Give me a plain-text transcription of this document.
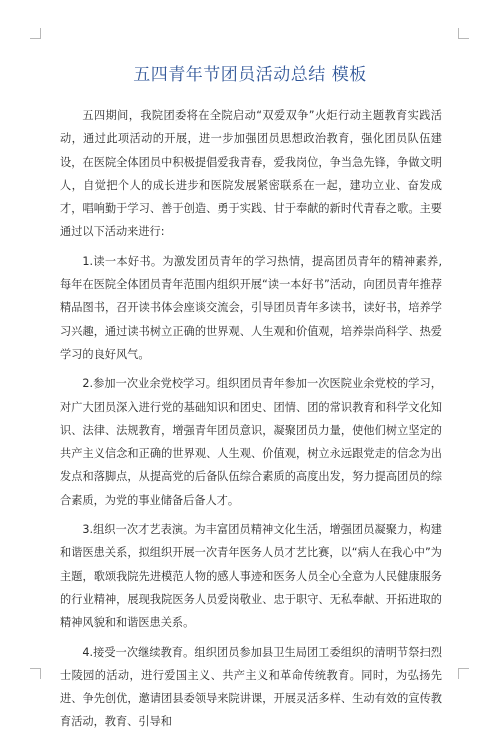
五四青年节团员活动总结 模板

五四期间，我院团委将在全院启动“双爱双争”火炬行动主题教育实践活动，通过此项活动的开展，进一步加强团员思想政治教育，强化团员队伍建设，在医院全体团员中积极提倡爱我青春，爱我岗位，争当急先锋，争做文明人，自觉把个人的成长进步和医院发展紧密联系在一起，建功立业、奋发成才，唱响勤于学习、善于创造、勇于实践、甘于奉献的新时代青春之歌。主要通过以下活动来进行:

1.读一本好书。为激发团员青年的学习热情，提高团员青年的精神素养,每年在医院全体团员青年范围内组织开展“读一本好书”活动，向团员青年推荐精品图书，召开读书体会座谈交流会，引导团员青年多读书，读好书，培养学习兴趣，通过读书树立正确的世界观、人生观和价值观，培养崇尚科学、热爱学习的良好风气。

2.参加一次业余党校学习。组织团员青年参加一次医院业余党校的学习，对广大团员深入进行党的基础知识和团史、团情、团的常识教育和科学文化知识、法律、法规教育，增强青年团员意识，凝聚团员力量，使他们树立坚定的共产主义信念和正确的世界观、人生观、价值观，树立永远跟党走的信念为出发点和落脚点，从提高党的后备队伍综合素质的高度出发，努力提高团员的综合素质，为党的事业储备后备人才。

3.组织一次才艺表演。为丰富团员精神文化生活，增强团员凝聚力，构建和谐医患关系，拟组织开展一次青年医务人员才艺比赛，以“病人在我心中”为主题，歌颂我院先进模范人物的感人事迹和医务人员全心全意为人民健康服务的行业精神，展现我院医务人员爱岗敬业、忠于职守、无私奉献、开拓进取的精神风貌和和谐医患关系。

4.接受一次继续教育。组织团员参加县卫生局团工委组织的清明节祭扫烈士陵园的活动，进行爱国主义、共产主义和革命传统教育。同时，为弘扬先进、争先创优，邀请团县委领导来院讲课，开展灵活多样、生动有效的宣传教育活动，教育、引导和
